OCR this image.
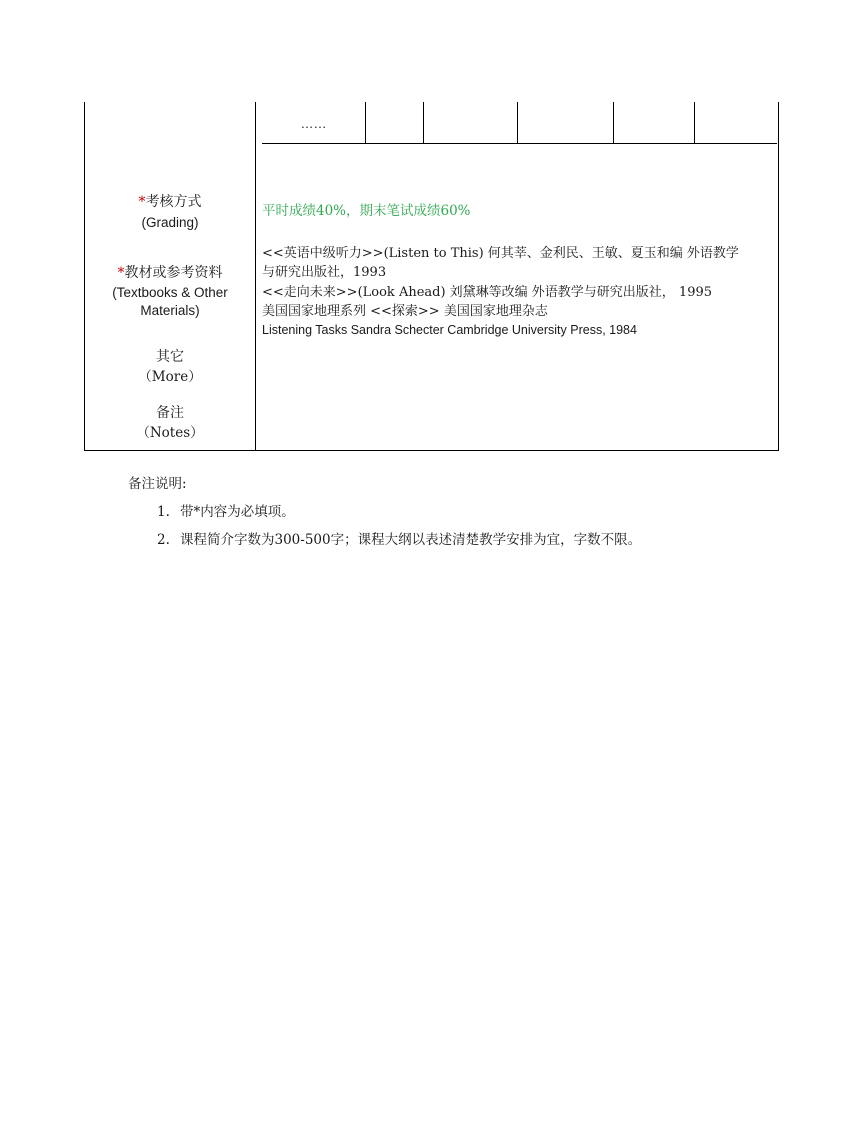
……
*考核方式
(Grading)
平时成绩40%，期末笔试成绩60%
*教材或参考资料
(Textbooks & Other
Materials)
<<英语中级听力>>(Listen to This) 何其莘、金利民、王敏、夏玉和编 外语教学
与研究出版社，1993
<<走向未来>>(Look Ahead) 刘黛琳等改编 外语教学与研究出版社， 1995
美国国家地理系列 <<探索>> 美国国家地理杂志
Listening Tasks Sandra Schecter Cambridge University Press, 1984
其它
（More）
备注
（Notes）
备注说明:
1. 带*内容为必填项。
2. 课程简介字数为300-500字；课程大纲以表述清楚教学安排为宜，字数不限。
